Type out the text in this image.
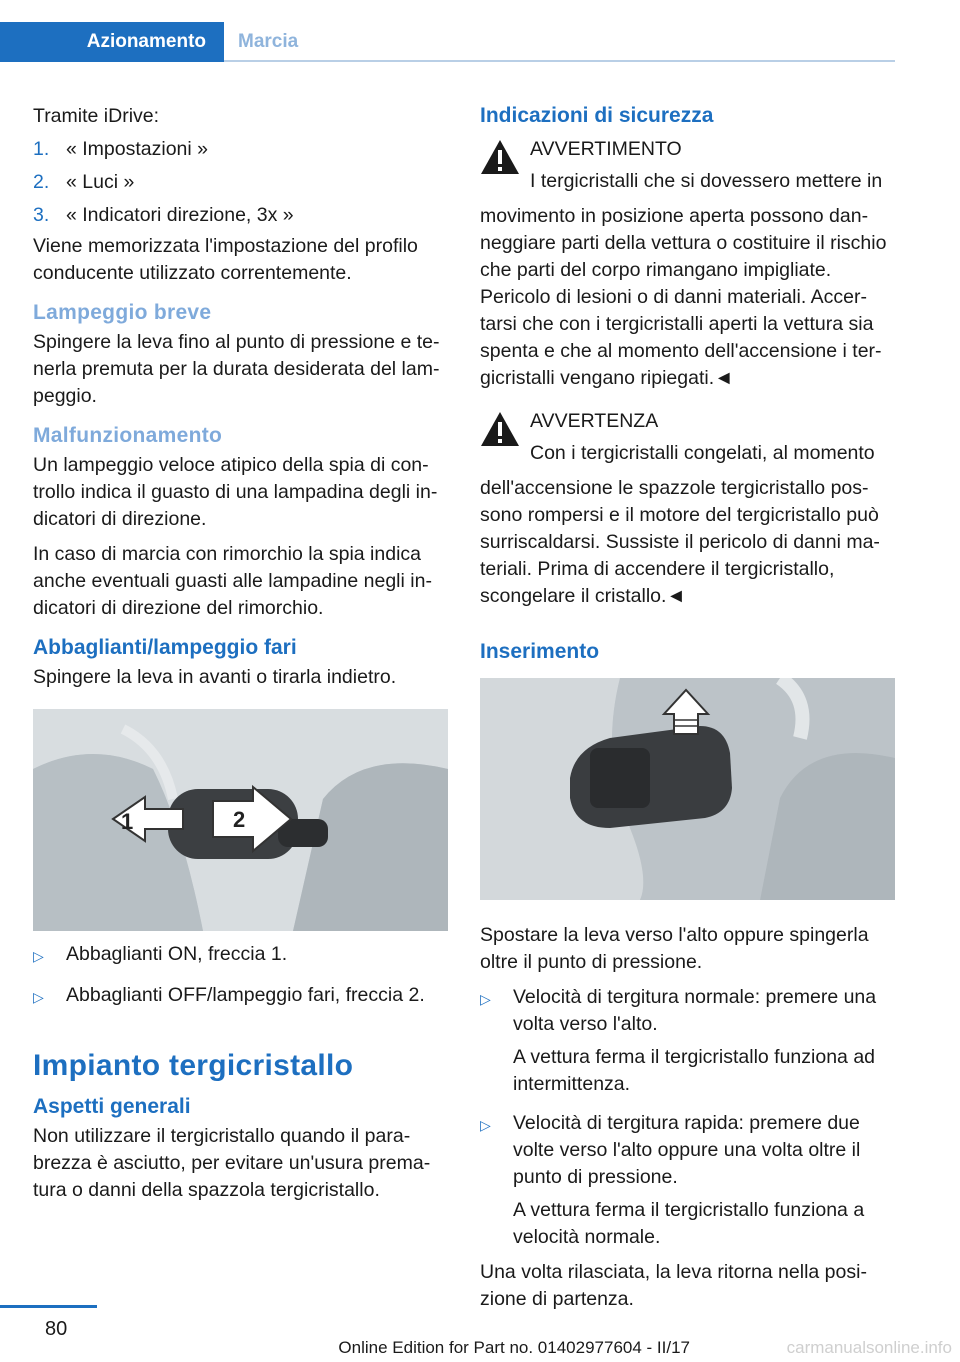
Azionamento	Marcia

Tramite iDrive:

1. « Impostazioni »
2. « Luci »
3. « Indicatori direzione, 3x »

Viene memorizzata l'impostazione del profilo conducente utilizzato correntemente.

Lampeggio breve

Spingere la leva fino al punto di pressione e tenerla premuta per la durata desiderata del lampeggio.

Malfunzionamento

Un lampeggio veloce atipico della spia di controllo indica il guasto di una lampadina degli indicatori di direzione.

In caso di marcia con rimorchio la spia indica anche eventuali guasti alle lampadine negli indicatori di direzione del rimorchio.

Abbaglianti/lampeggio fari

Spingere la leva in avanti o tirarla indietro.

1	2
▷	Abbaglianti ON, freccia 1.
▷	Abbaglianti OFF/lampeggio fari, freccia 2.
Impianto tergicristallo
Aspetti generali

Non utilizzare il tergicristallo quando il parabrezza è asciutto, per evitare un'usura prematura o danni della spazzola tergicristallo.

Indicazioni di sicurezza

AVVERTIMENTO

I tergicristalli che si dovessero mettere in

movimento in posizione aperta possono danneggiare parti della vettura o costituire il rischio che parti del corpo rimangano impigliate. Pericolo di lesioni o di danni materiali. Accertarsi che con i tergicristalli aperti la vettura sia spenta e che al momento dell'accensione i tergicristalli vengano ripiegati.◄

AVVERTENZA

Con i tergicristalli congelati, al momento

dell'accensione le spazzole tergicristallo possono rompersi e il motore del tergicristallo può surriscaldarsi. Sussiste il pericolo di danni materiali. Prima di accendere il tergicristallo, scongelare il cristallo.◄

Inserimento

Spostare la leva verso l'alto oppure spingerla oltre il punto di pressione.

▷	Velocità di tergitura normale: premere una volta verso l'alto.

A vettura ferma il tergicristallo funziona ad intermittenza.

▷	Velocità di tergitura rapida: premere due volte verso l'alto oppure una volta oltre il punto di pressione.

A vettura ferma il tergicristallo funziona a velocità normale.

Una volta rilasciata, la leva ritorna nella posizione di partenza.

80
Online Edition for Part no. 01402977604 - II/17	carmanualsonline.info
